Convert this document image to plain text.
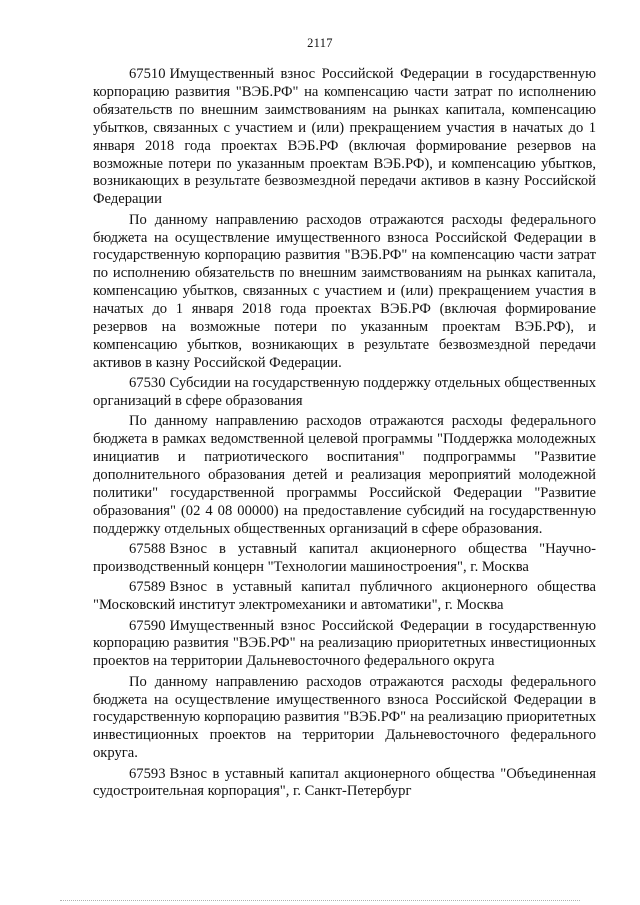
2117

67510 Имущественный взнос Российской Федерации в государственную корпорацию развития "ВЭБ.РФ" на компенсацию части затрат по исполнению обязательств по внешним заимствованиям на рынках капитала, компенсацию убытков, связанных с участием и (или) прекращением участия в начатых до 1 января 2018 года проектах ВЭБ.РФ (включая формирование резервов на возможные потери по указанным проектам ВЭБ.РФ), и компенсацию убытков, возникающих в результате безвозмездной передачи активов в казну Российской Федерации

По данному направлению расходов отражаются расходы федерального бюджета на осуществление имущественного взноса Российской Федерации в государственную корпорацию развития "ВЭБ.РФ" на компенсацию части затрат по исполнению обязательств по внешним заимствованиям на рынках капитала, компенсацию убытков, связанных с участием и (или) прекращением участия в начатых до 1 января 2018 года проектах ВЭБ.РФ (включая формирование резервов на возможные потери по указанным проектам ВЭБ.РФ), и компенсацию убытков, возникающих в результате безвозмездной передачи активов в казну Российской Федерации.

67530 Субсидии на государственную поддержку отдельных общественных организаций в сфере образования

По данному направлению расходов отражаются расходы федерального бюджета в рамках ведомственной целевой программы "Поддержка молодежных инициатив и патриотического воспитания" подпрограммы "Развитие дополнительного образования детей и реализация мероприятий молодежной политики" государственной программы Российской Федерации "Развитие образования" (02 4 08 00000) на предоставление субсидий на государственную поддержку отдельных общественных организаций в сфере образования.

67588 Взнос в уставный капитал акционерного общества "Научно-производственный концерн "Технологии машиностроения", г. Москва

67589 Взнос в уставный капитал публичного акционерного общества "Московский институт электромеханики и автоматики", г. Москва

67590 Имущественный взнос Российской Федерации в государственную корпорацию развития "ВЭБ.РФ" на реализацию приоритетных инвестиционных проектов на территории Дальневосточного федерального округа

По данному направлению расходов отражаются расходы федерального бюджета на осуществление имущественного взноса Российской Федерации в государственную корпорацию развития "ВЭБ.РФ" на реализацию приоритетных инвестиционных проектов на территории Дальневосточного федерального округа.

67593 Взнос в уставный капитал акционерного общества "Объединенная судостроительная корпорация", г. Санкт-Петербург
